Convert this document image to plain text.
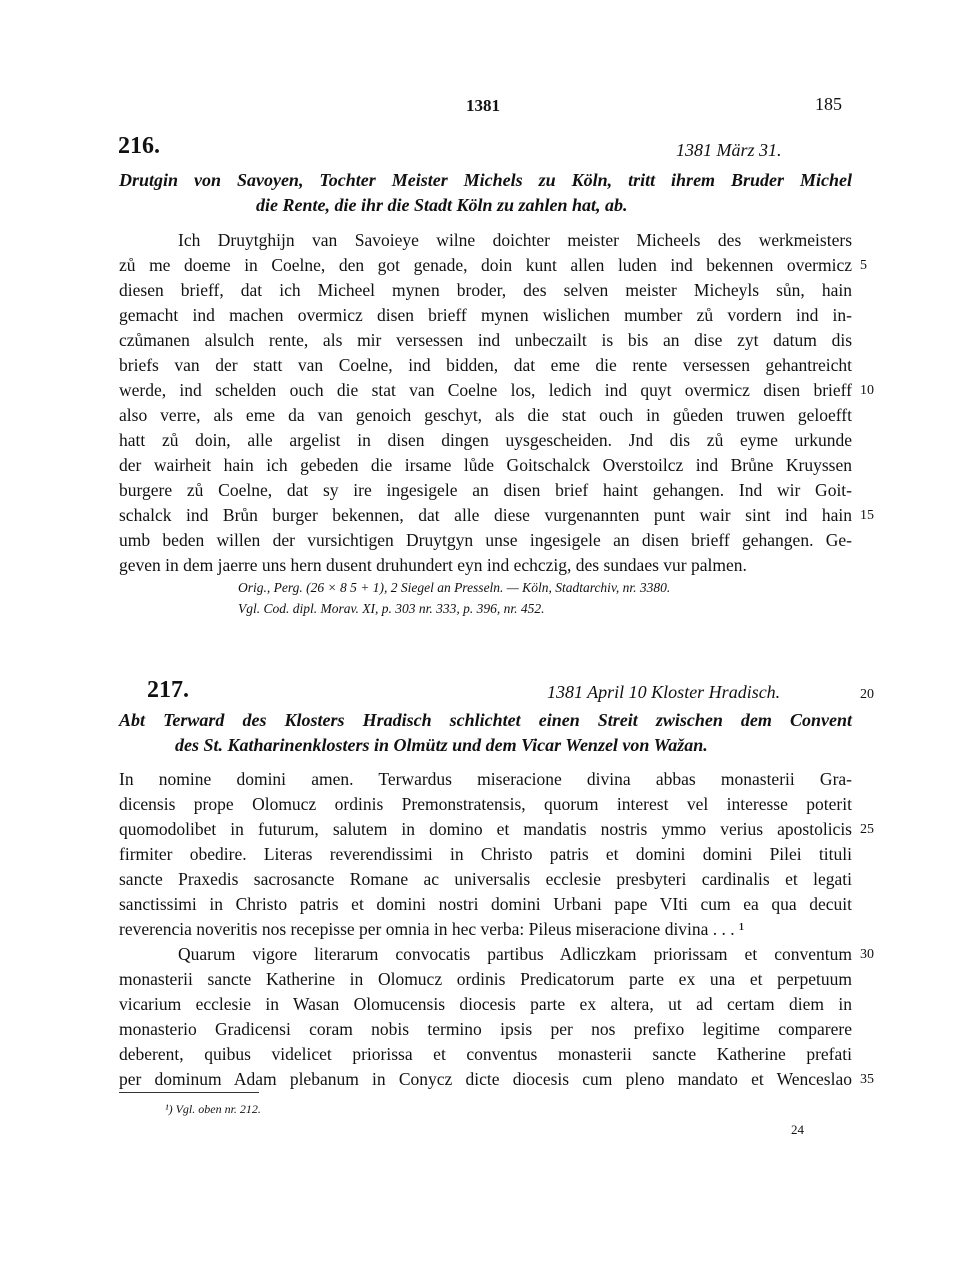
1381	185
216.	1381 März 31.
Drutgin von Savoyen, Tochter Meister Michels zu Köln, tritt ihrem Bruder Michel
die Rente, die ihr die Stadt Köln zu zahlen hat, ab.
Ich Druytghijn van Savoieye wilne doichter meister Micheels des werkmeisters
zů me doeme in Coelne, den got genade, doin kunt allen luden ind bekennen overmicz
diesen brieff, dat ich Micheel mynen broder, des selven meister Micheyls sůn, hain
gemacht ind machen overmicz disen brieff mynen wislichen mumber zů vordern ind in-
czůmanen alsulch rente, als mir versessen ind unbeczailt is bis an dise zyt datum dis
briefs van der statt van Coelne, ind bidden, dat eme die rente versessen gehantreicht
werde, ind schelden ouch die stat van Coelne los, ledich ind quyt overmicz disen brieff
also verre, als eme da van genoich geschyt, als die stat ouch in gůeden truwen geloefft
hatt zů doin, alle argelist in disen dingen uysgescheiden. Jnd dis zů eyme urkunde
der wairheit hain ich gebeden die irsame lůde Goitschalck Overstoilcz ind Brůne Kruyssen
burgere zů Coelne, dat sy ire ingesigele an disen brief haint gehangen. Ind wir Goit-
schalck ind Brůn burger bekennen, dat alle diese vurgenannten punt wair sint ind hain
umb beden willen der vursichtigen Druytgyn unse ingesigele an disen brieff gehangen. Ge-
geven in dem jaerre uns hern dusent druhundert eyn ind echczig, des sundaes vur palmen.
Orig., Perg. (26 × 8 5 + 1), 2 Siegel an Presseln. — Köln, Stadtarchiv, nr. 3380.
Vgl. Cod. dipl. Morav. XI, p. 303 nr. 333, p. 396, nr. 452.
217.	1381 April 10 Kloster Hradisch.
Abt Terward des Klosters Hradisch schlichtet einen Streit zwischen dem Convent
des St. Katharinenklosters in Olmütz und dem Vicar Wenzel von Wažan.
In nomine domini amen. Terwardus miseracione divina abbas monasterii Gra-
dicensis prope Olomucz ordinis Premonstratensis, quorum interest vel interesse poterit
quomodolibet in futurum, salutem in domino et mandatis nostris ymmo verius apostolicis
firmiter obedire. Literas reverendissimi in Christo patris et domini domini Pilei tituli
sancte Praxedis sacrosancte Romane ac universalis ecclesie presbyteri cardinalis et legati
sanctissimi in Christo patris et domini nostri domini Urbani pape VIti cum ea qua decuit
reverencia noveritis nos recepisse per omnia in hec verba: Pileus miseracione divina . . . ¹
Quarum vigore literarum convocatis partibus Adliczkam priorissam et conventum
monasterii sancte Katherine in Olomucz ordinis Predicatorum parte ex una et perpetuum
vicarium ecclesie in Wasan Olomucensis diocesis parte ex altera, ut ad certam diem in
monasterio Gradicensi coram nobis termino ipsis per nos prefixo legitime comparere
deberent, quibus videlicet priorissa et conventus monasterii sancte Katherine prefati
per dominum Adam plebanum in Conycz dicte diocesis cum pleno mandato et Wenceslao
5
10
15
20
25
30
35
¹) Vgl. oben nr. 212.
24
